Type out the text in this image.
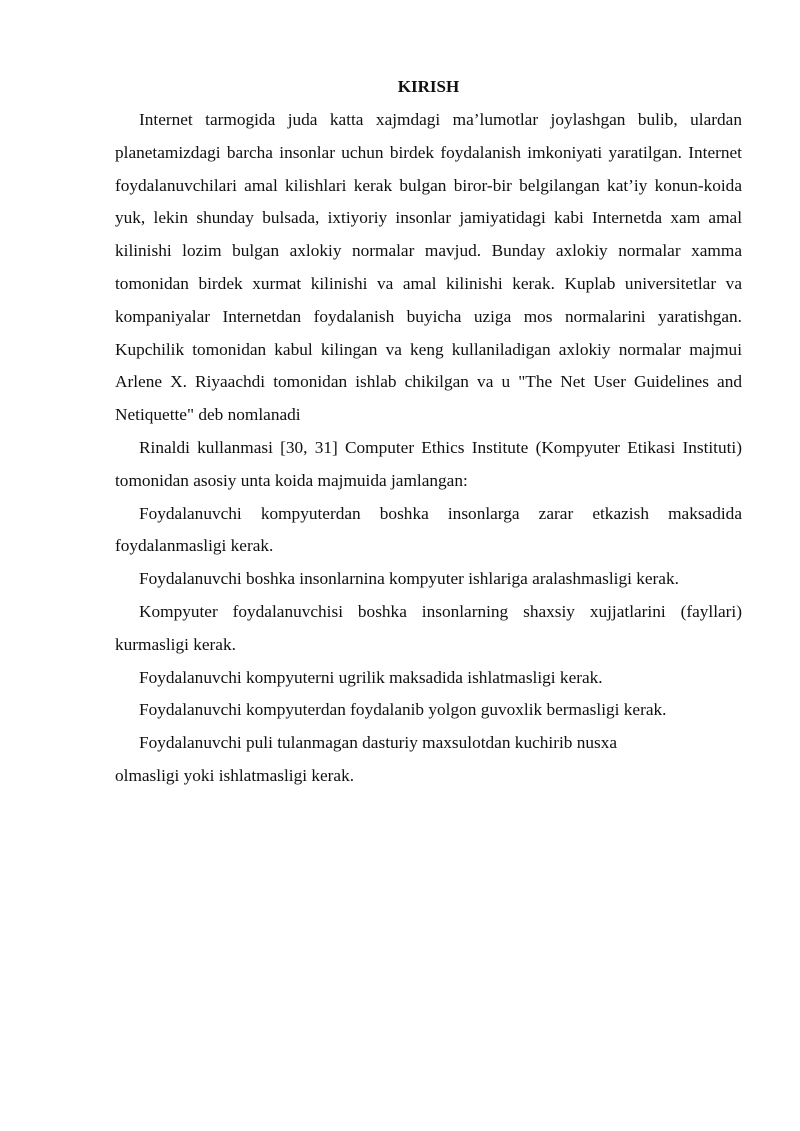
KIRISH

Internet tarmogida juda katta xajmdagi ma’lumotlar joylashgan bulib, ulardan planetamizdagi barcha insonlar uchun birdek foydalanish imkoniyati yaratilgan. Internet foydalanuvchilari amal kilishlari kerak bulgan biror-bir belgilangan kat’iy konun-koida yuk, lekin shunday bulsada, ixtiyoriy insonlar jamiyatidagi kabi Internetda xam amal kilinishi lozim bulgan axlokiy normalar mavjud. Bunday axlokiy normalar xamma tomonidan birdek xurmat kilinishi va amal kilinishi kerak. Kuplab universitetlar va kompaniyalar Internetdan foydalanish buyicha uziga mos normalarini yaratishgan. Kupchilik tomonidan kabul kilingan va keng kullaniladigan axlokiy normalar majmui Arlene X. Riyaachdi tomonidan ishlab chikilgan va u "The Net User Guidelines and Netiquette" deb nomlanadi

Rinaldi kullanmasi [30, 31] Computer Ethics Institute (Kompyuter Etikasi Instituti) tomonidan asosiy unta koida majmuida jamlangan:

Foydalanuvchi kompyuterdan boshka insonlarga zarar etkazish maksadida foydalanmasligi kerak.

Foydalanuvchi boshka insonlarnina kompyuter ishlariga aralashmasligi kerak.

Kompyuter foydalanuvchisi boshka insonlarning shaxsiy xujjatlarini (fayllari) kurmasligi kerak.

Foydalanuvchi kompyuterni ugrilik maksadida ishlatmasligi kerak.

Foydalanuvchi kompyuterdan foydalanib yolgon guvoxlik bermasligi kerak.

Foydalanuvchi puli tulanmagan dasturiy maxsulotdan kuchirib nusxa
olmasligi yoki ishlatmasligi kerak.
